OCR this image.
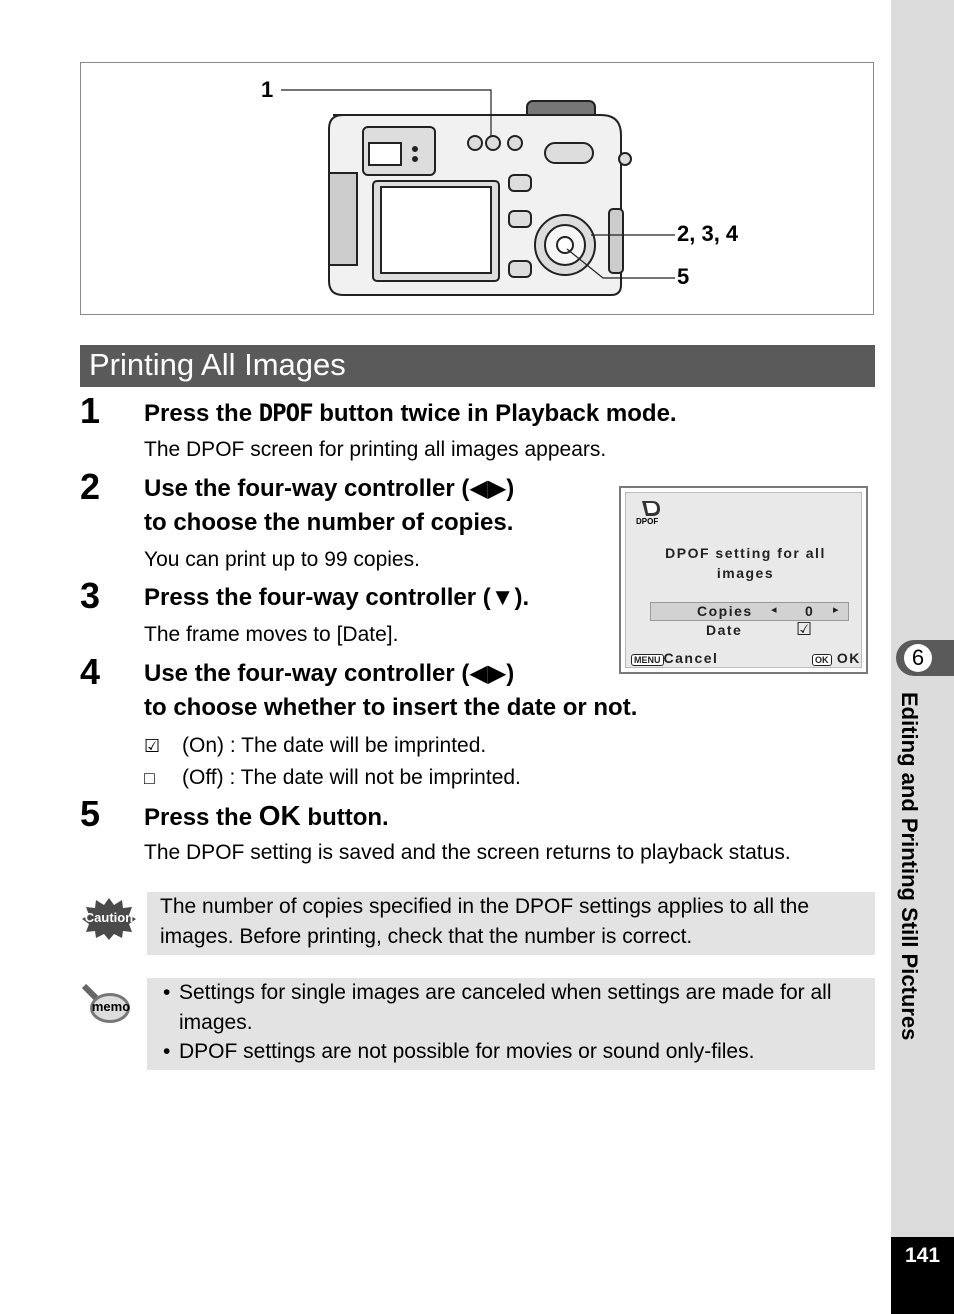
1
2, 3, 4
5
Printing All Images
1 Press the DPOF button twice in Playback mode.
The DPOF screen for printing all images appears.
2 Use the four-way controller (◀▶)
to choose the number of copies.
You can print up to 99 copies.
3 Press the four-way controller (▼).
The frame moves to [Date].
4 Use the four-way controller (◀▶)
to choose whether to insert the date or not.
☑ (On) : The date will be imprinted.
□ (Off) : The date will not be imprinted.
5 Press the OK button.
The DPOF setting is saved and the screen returns to playback status.
DPOF
DPOF setting for all
images
Copies ◂ 0 ▸
Date	☑
MENU Cancel	OK OK
Caution The number of copies specified in the DPOF settings applies to all the images. Before printing, check that the number is correct.
memo
• Settings for single images are canceled when settings are made for all images.
• DPOF settings are not possible for movies or sound only-files.
6
Editing and Printing Still Pictures
141
